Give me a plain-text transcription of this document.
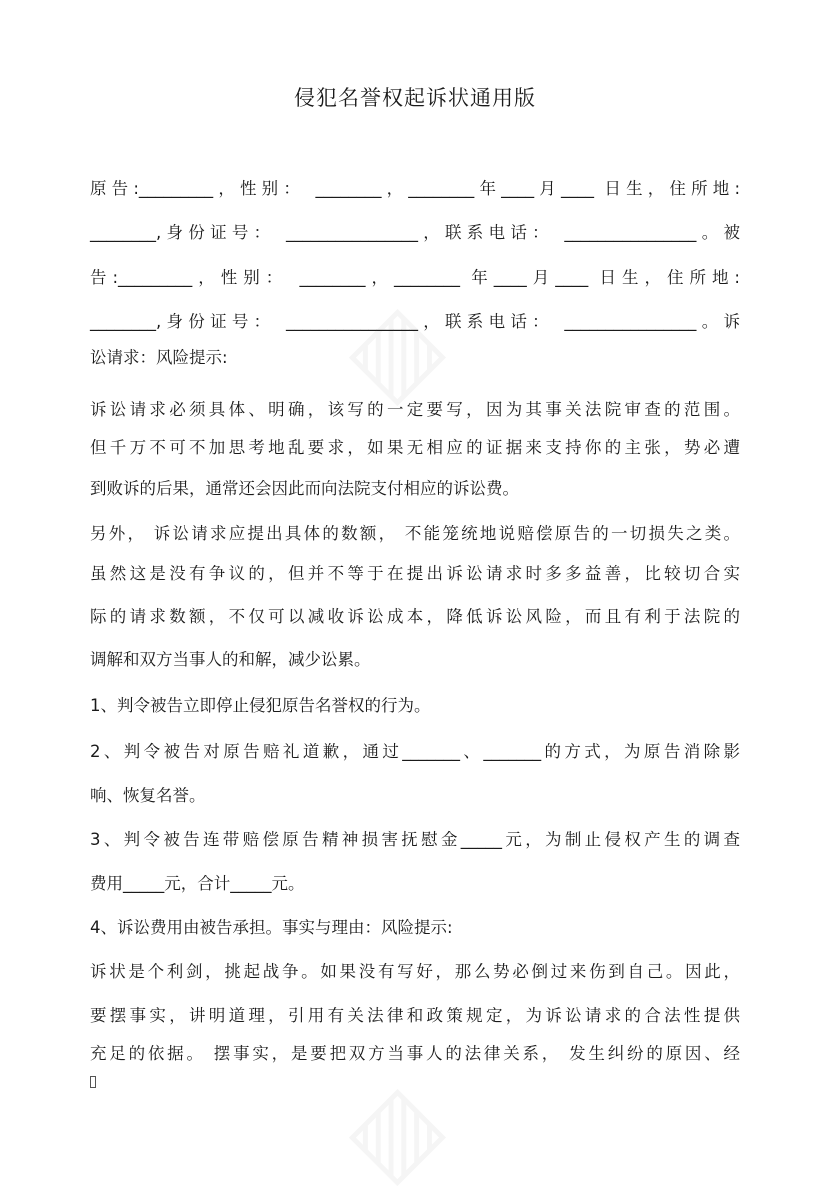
侵犯名誉权起诉状通用版
原告:_________，性别： ________，________年____月____ 日生，住所地:
________,身份证号： ________________，联系电话： ________________。被
告:_________，性别： ________，________ 年____月____ 日生，住所地:
________,身份证号： ________________，联系电话： ________________。诉
讼请求：风险提示:
诉讼请求必须具体、明确，该写的一定要写，因为其事关法院审查的范围。
但千万不可不加思考地乱要求，如果无相应的证据来支持你的主张，势必遭
到败诉的后果，通常还会因此而向法院支付相应的诉讼费。
另外， 诉讼请求应提出具体的数额， 不能笼统地说赔偿原告的一切损失之类。
虽然这是没有争议的，但并不等于在提出诉讼请求时多多益善，比较切合实
际的请求数额，不仅可以减收诉讼成本，降低诉讼风险，而且有利于法院的
调解和双方当事人的和解，减少讼累。
1、判令被告立即停止侵犯原告名誉权的行为。
2、判令被告对原告赔礼道歉，通过_______、_______的方式，为原告消除影
响、恢复名誉。
3、判令被告连带赔偿原告精神损害抚慰金_____元，为制止侵权产生的调查
费用_____元，合计_____元。
4、诉讼费用由被告承担。事实与理由：风险提示:
诉状是个利剑，挑起战争。如果没有写好，那么势必倒过来伤到自己。因此，
要摆事实，讲明道理，引用有关法律和政策规定，为诉讼请求的合法性提供
充足的依据。 摆事实，是要把双方当事人的法律关系， 发生纠纷的原因、经
